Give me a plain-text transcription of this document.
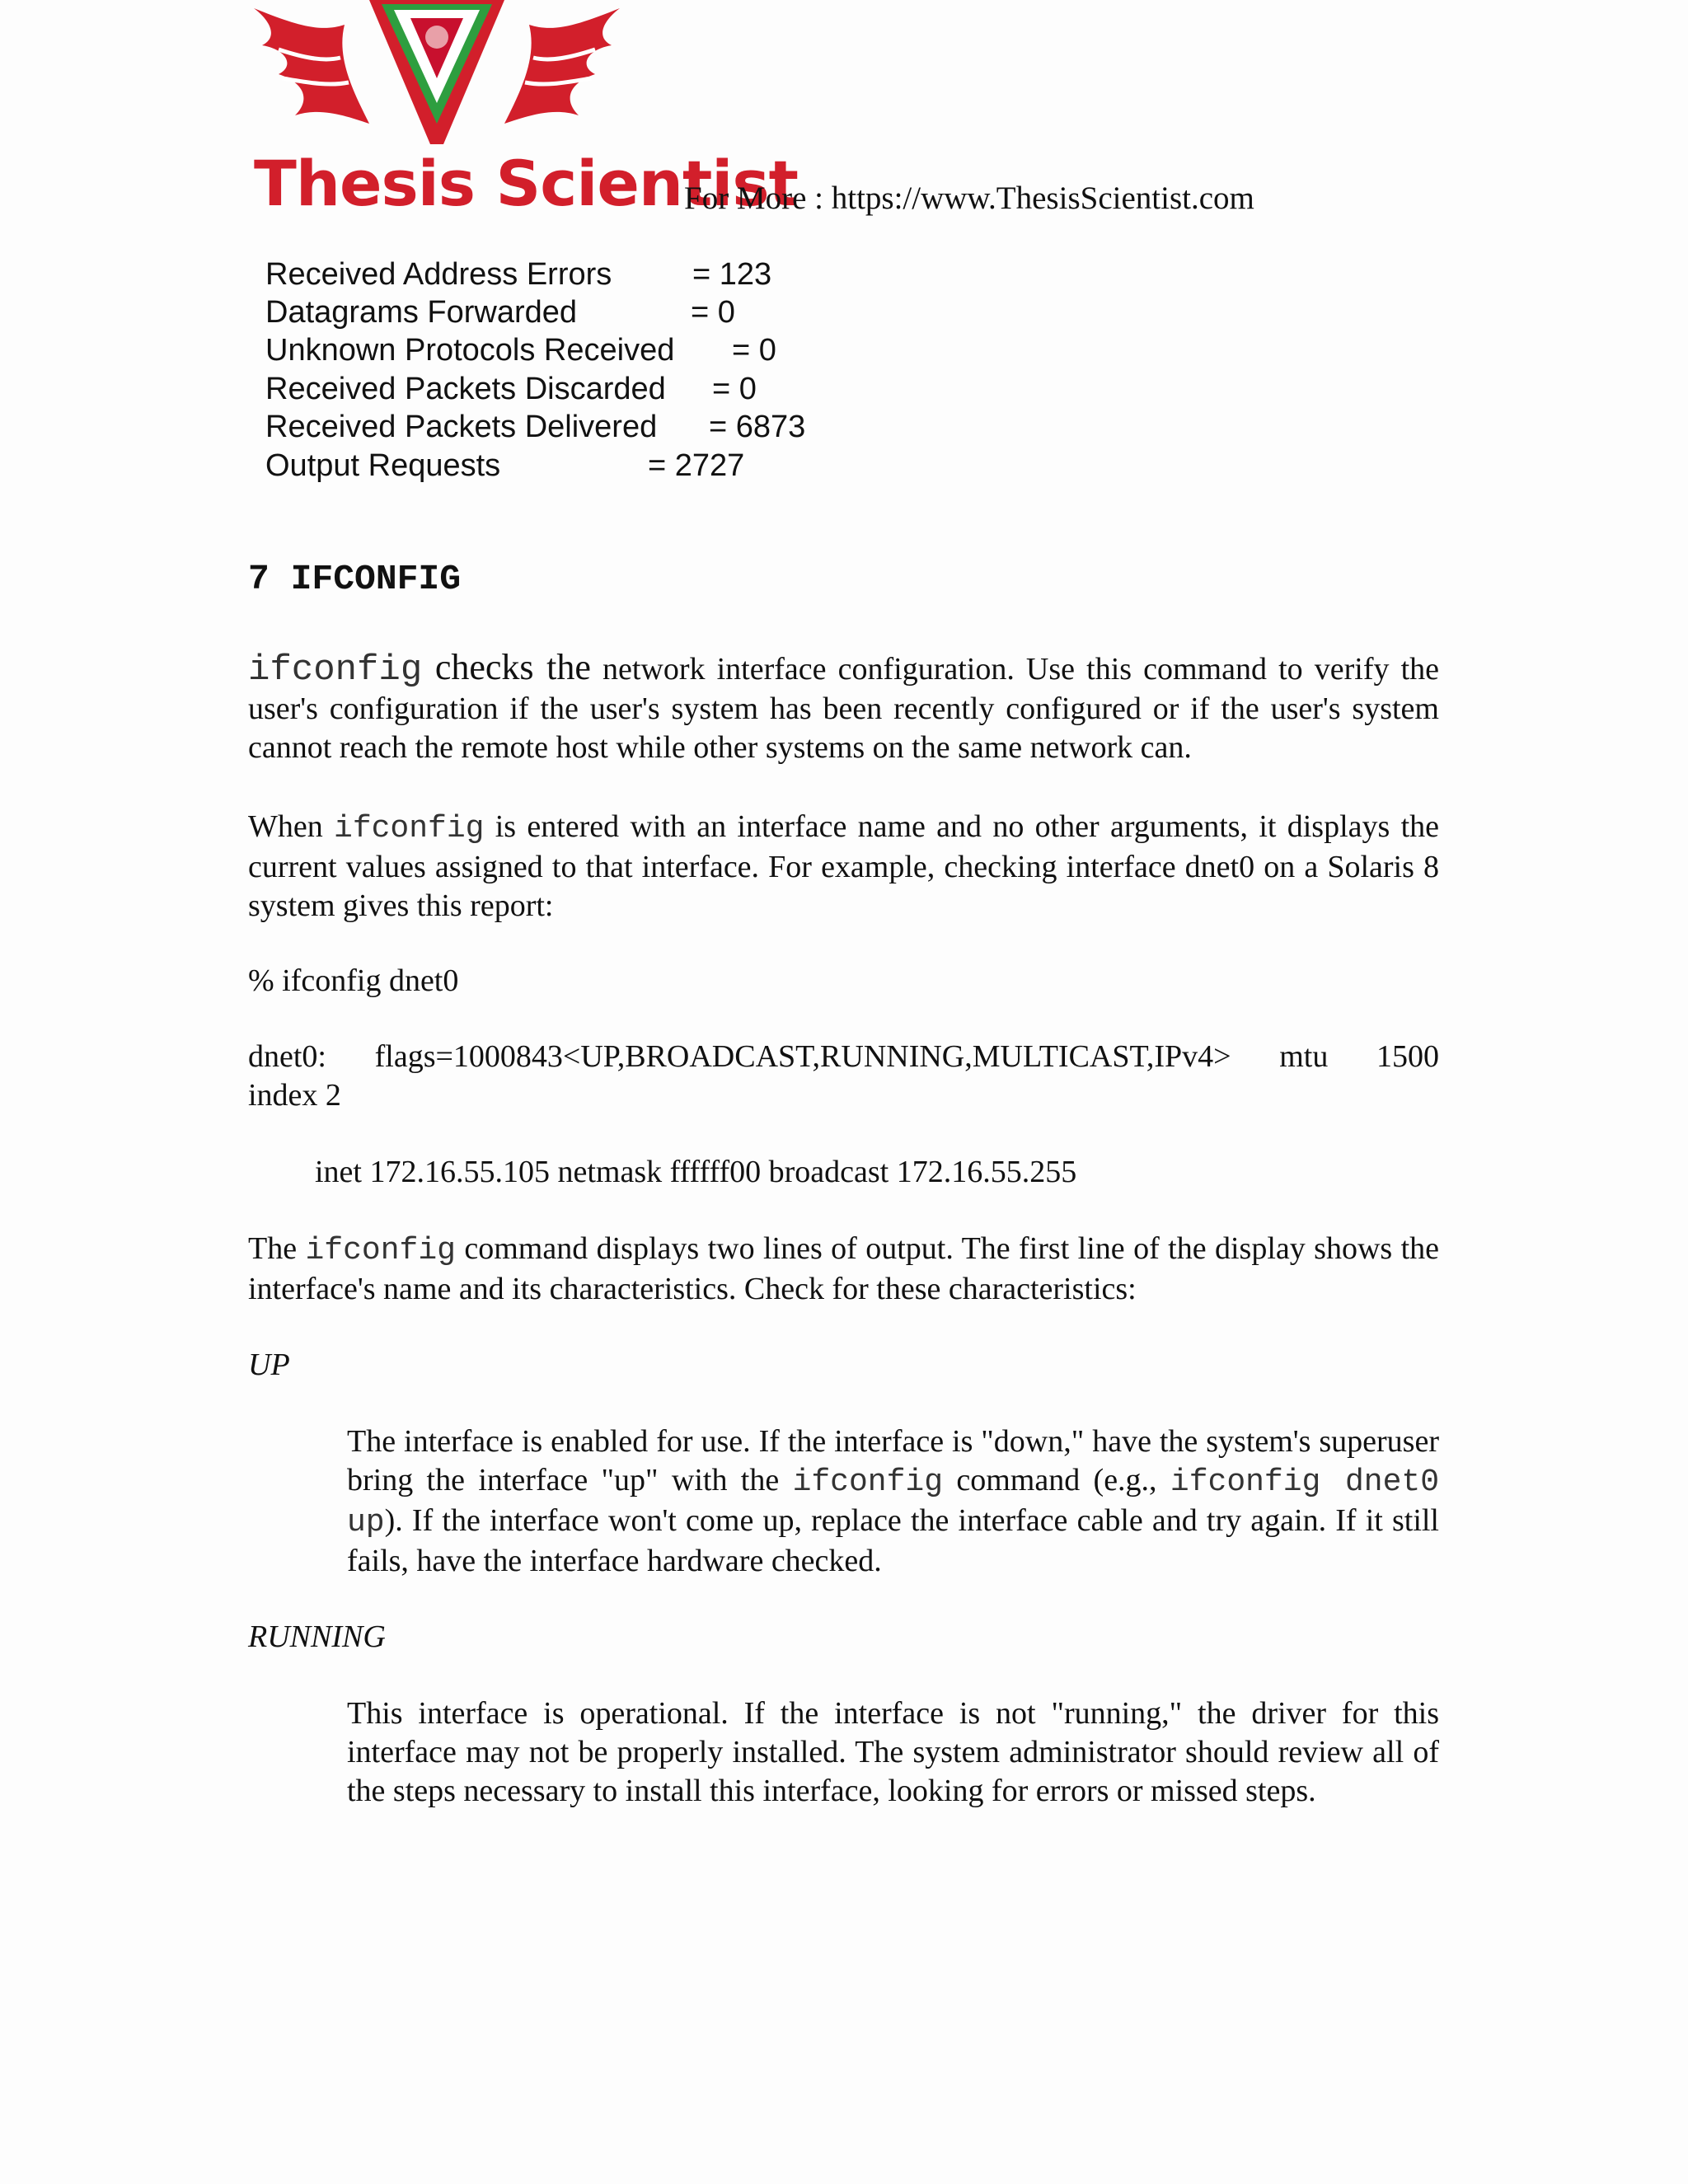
Thesis Scientist
For More : https://www.ThesisScientist.com
Received Address Errors	= 123
Datagrams Forwarded	= 0
Unknown Protocols Received = 0
Received Packets Discarded = 0
Received Packets Delivered = 6873
Output Requests	= 2727
7 IFCONFIG
ifconfig checks the network interface configuration. Use this command to verify the user's configuration if the user's system has been recently configured or if the user's system cannot reach the remote host while other systems on the same network can.
When ifconfig is entered with an interface name and no other arguments, it displays the current values assigned to that interface. For example, checking interface dnet0 on a Solaris 8 system gives this report:
% ifconfig dnet0
dnet0: flags=1000843<UP,BROADCAST,RUNNING,MULTICAST,IPv4> mtu 1500
index 2
inet 172.16.55.105 netmask ffffff00 broadcast 172.16.55.255
The ifconfig command displays two lines of output. The first line of the display shows the interface's name and its characteristics. Check for these characteristics:
UP
The interface is enabled for use. If the interface is "down," have the system's superuser bring the interface "up" with the ifconfig command (e.g., ifconfig dnet0 up). If the interface won't come up, replace the interface cable and try again. If it still fails, have the interface hardware checked.
RUNNING
This interface is operational. If the interface is not "running," the driver for this interface may not be properly installed. The system administrator should review all of the steps necessary to install this interface, looking for errors or missed steps.
